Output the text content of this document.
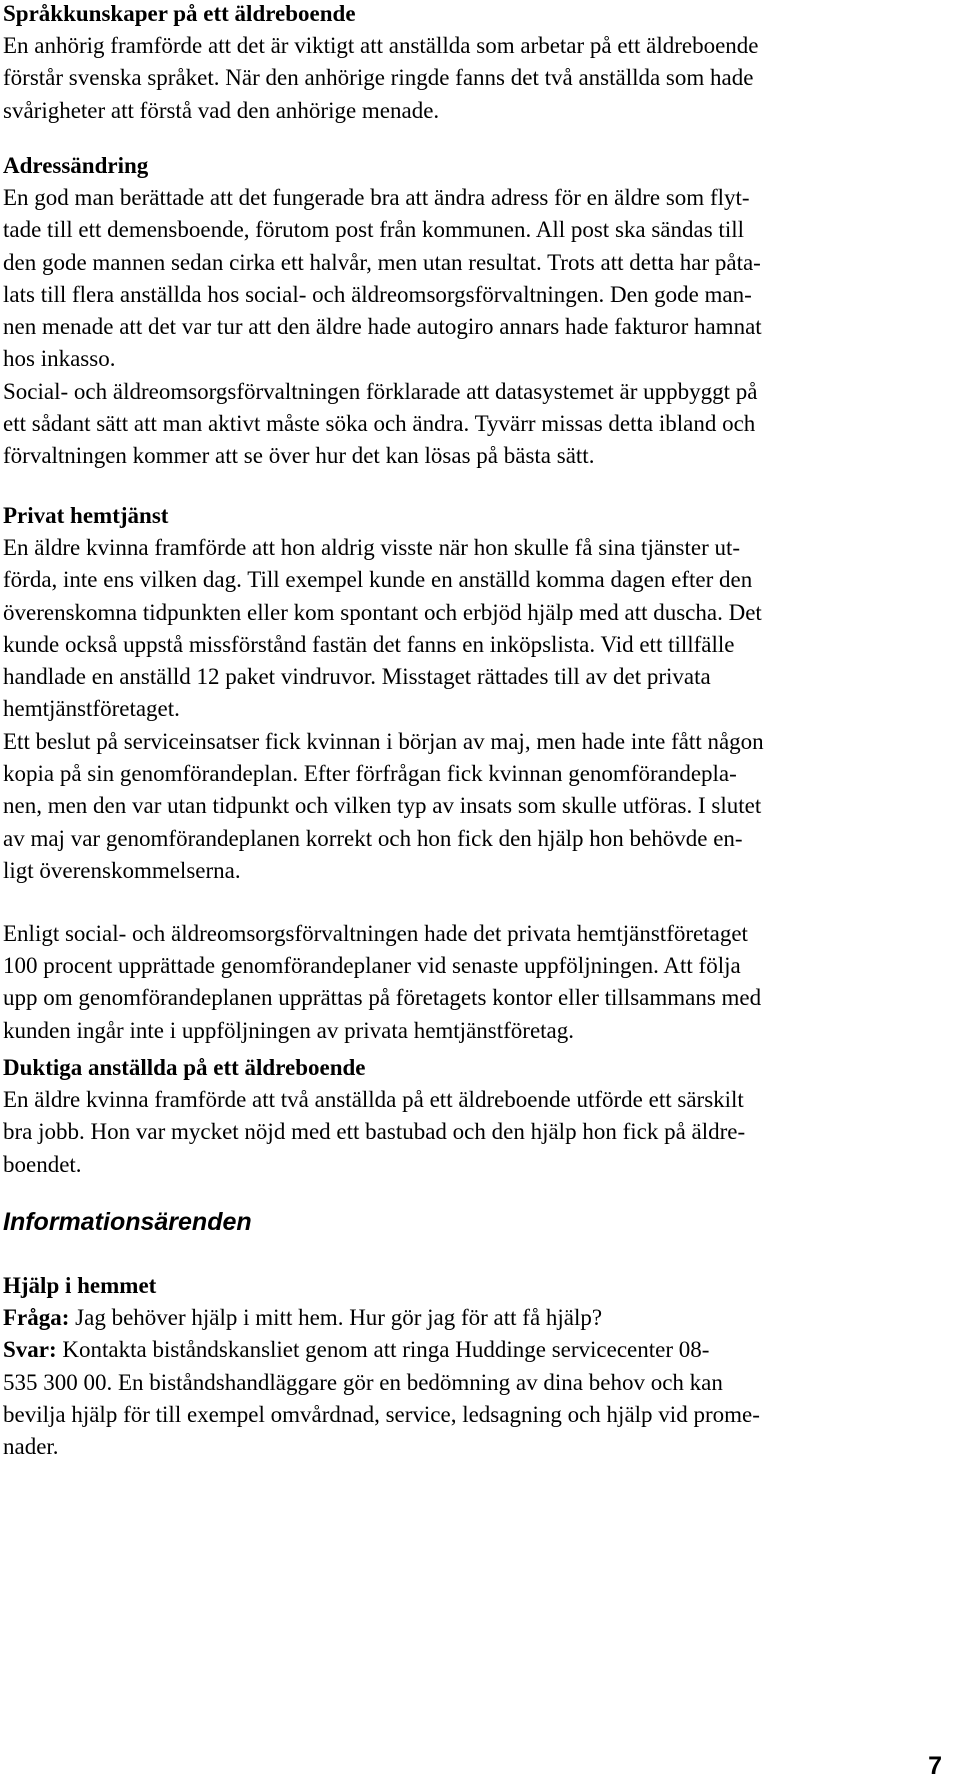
Språkkunskaper på ett äldreboende

En anhörig framförde att det är viktigt att anställda som arbetar på ett äldreboende
förstår svenska språket. När den anhörige ringde fanns det två anställda som hade
svårigheter att förstå vad den anhörige menade.

Adressändring

En god man berättade att det fungerade bra att ändra adress för en äldre som flyt-
tade till ett demensboende, förutom post från kommunen. All post ska sändas till
den gode mannen sedan cirka ett halvår, men utan resultat. Trots att detta har påta-
lats till flera anställda hos social- och äldreomsorgsförvaltningen. Den gode man-
nen menade att det var tur att den äldre hade autogiro annars hade fakturor hamnat
hos inkasso.

Social- och äldreomsorgsförvaltningen förklarade att datasystemet är uppbyggt på
ett sådant sätt att man aktivt måste söka och ändra. Tyvärr missas detta ibland och
förvaltningen kommer att se över hur det kan lösas på bästa sätt.

Privat hemtjänst

En äldre kvinna framförde att hon aldrig visste när hon skulle få sina tjänster ut-
förda, inte ens vilken dag. Till exempel kunde en anställd komma dagen efter den
överenskomna tidpunkten eller kom spontant och erbjöd hjälp med att duscha. Det
kunde också uppstå missförstånd fastän det fanns en inköpslista. Vid ett tillfälle
handlade en anställd 12 paket vindruvor. Misstaget rättades till av det privata
hemtjänstföretaget.

Ett beslut på serviceinsatser fick kvinnan i början av maj, men hade inte fått någon
kopia på sin genomförandeplan. Efter förfrågan fick kvinnan genomförandepla-
nen, men den var utan tidpunkt och vilken typ av insats som skulle utföras. I slutet
av maj var genomförandeplanen korrekt och hon fick den hjälp hon behövde en-
ligt överenskommelserna.

Enligt social- och äldreomsorgsförvaltningen hade det privata hemtjänstföretaget
100 procent upprättade genomförandeplaner vid senaste uppföljningen. Att följa
upp om genomförandeplanen upprättas på företagets kontor eller tillsammans med
kunden ingår inte i uppföljningen av privata hemtjänstföretag.

Duktiga anställda på ett äldreboende

En äldre kvinna framförde att två anställda på ett äldreboende utförde ett särskilt
bra jobb. Hon var mycket nöjd med ett bastubad och den hjälp hon fick på äldre-
boendet.

Informationsärenden

Hjälp i hemmet

Fråga: Jag behöver hjälp i mitt hem. Hur gör jag för att få hjälp?

Svar: Kontakta biståndskansliet genom att ringa Huddinge servicecenter 08-
535 300 00. En biståndshandläggare gör en bedömning av dina behov och kan
bevilja hjälp för till exempel omvårdnad, service, ledsagning och hjälp vid prome-
nader.

7
